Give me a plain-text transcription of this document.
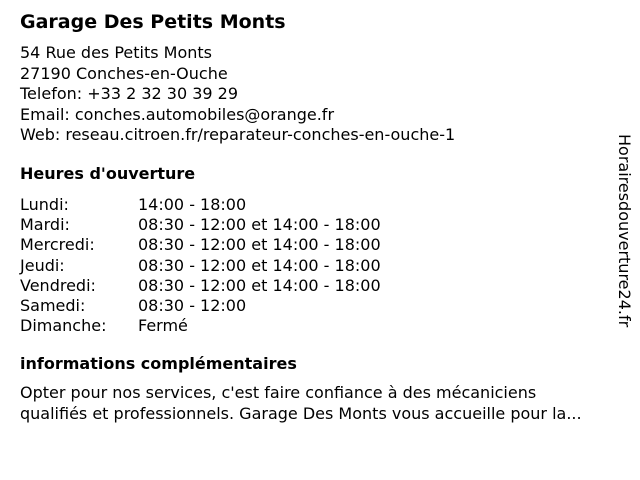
Garage Des Petits Monts
54 Rue des Petits Monts
27190 Conches-en-Ouche
Telefon: +33 2 32 30 39 29
Email: conches.automobiles@orange.fr
Web: reseau.citroen.fr/reparateur-conches-en-ouche-1
Heures d'ouverture
Lundi:	14:00 - 18:00
Mardi:	08:30 - 12:00 et 14:00 - 18:00
Mercredi:	08:30 - 12:00 et 14:00 - 18:00
Jeudi:	08:30 - 12:00 et 14:00 - 18:00
Vendredi:	08:30 - 12:00 et 14:00 - 18:00
Samedi:	08:30 - 12:00
Dimanche:	Fermé
informations complémentaires
Opter pour nos services, c'est faire confiance à des mécaniciens
qualifiés et professionnels. Garage Des Monts vous accueille pour la...
Horairesdouverture24.fr
